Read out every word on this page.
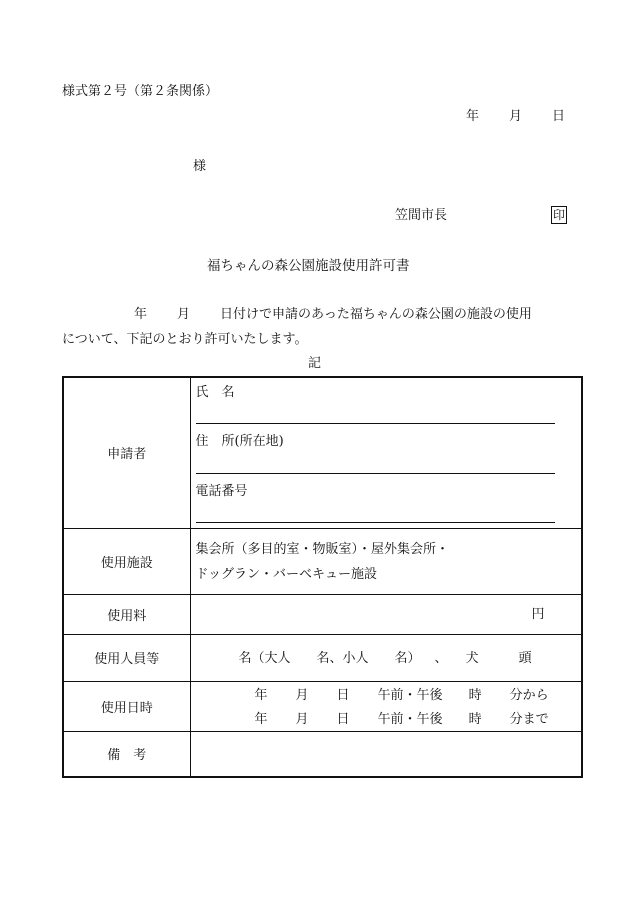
様式第２号（第２条関係）
年 月 日
様
笠間市長	印
福ちゃんの森公園施設使用許可書
年 月 日付けで申請のあった福ちゃんの森公園の施設の使用
について、下記のとおり許可いたします。
記
申請者	氏　名
住　所(所在地)
電話番号

使用施設	集会所（多目的室・物販室）・屋外集会所・
ドッグラン・バーベキュー施設

使用料	円

使用人員等	名（大人 名、小人 名） 、 犬 頭

使用日時	年 月 日 午前・午後 時 分から
年 月 日 午前・午後 時 分まで

備　考	
